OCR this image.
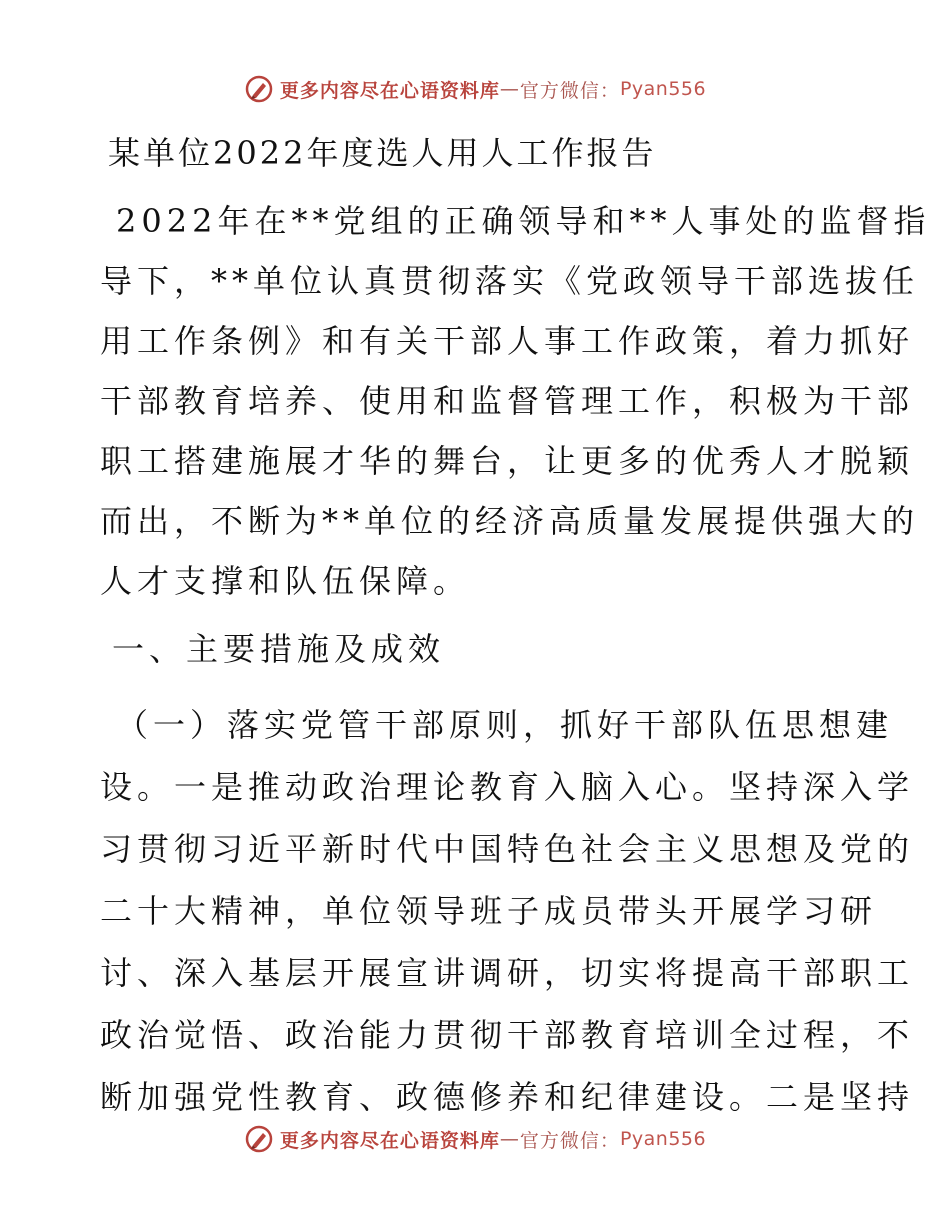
更多内容尽在心语资料库 — 官方微信： Pyan556
某单位2022年度选人用人工作报告
2022年在**党组的正确领导和**人事处的监督指
导下，**单位认真贯彻落实《党政领导干部选拔任
用工作条例》和有关干部人事工作政策，着力抓好
干部教育培养、使用和监督管理工作，积极为干部
职工搭建施展才华的舞台，让更多的优秀人才脱颖
而出，不断为**单位的经济高质量发展提供强大的
人才支撑和队伍保障。
一、主要措施及成效
（一）落实党管干部原则，抓好干部队伍思想建
设。一是推动政治理论教育入脑入心。坚持深入学
习贯彻习近平新时代中国特色社会主义思想及党的
二十大精神，单位领导班子成员带头开展学习研
讨、深入基层开展宣讲调研，切实将提高干部职工
政治觉悟、政治能力贯彻干部教育培训全过程，不
断加强党性教育、政德修养和纪律建设。二是坚持
更多内容尽在心语资料库 — 官方微信： Pyan556
